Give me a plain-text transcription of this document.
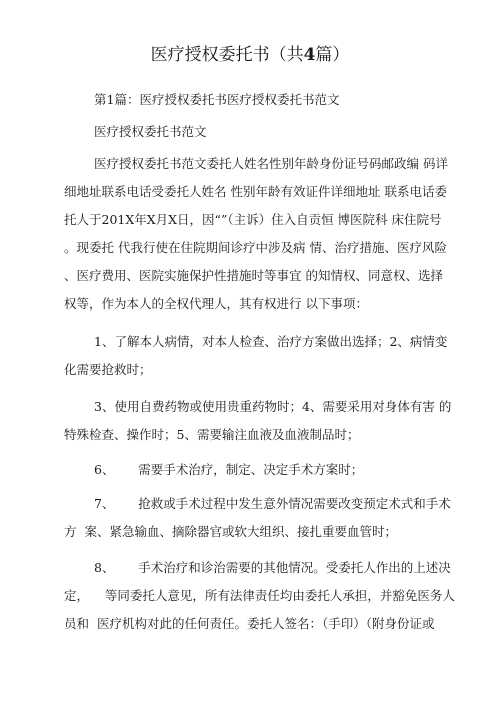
医疗授权委托书（共4篇）

第1篇：医疗授权委托书医疗授权委托书范文

医疗授权委托书范文

医疗授权委托书范文委托人姓名性别年龄身份证号码邮政编 码详

细地址联系电话受委托人姓名 性别年龄有效证件详细地址 联系电话委

托人于201X年X月X日，因“”（主诉）住入自贡恒 博医院科 床住院号

。现委托 代我行使在住院期间诊疗中涉及病 情、治疗措施、医疗风险

、医疗费用、医院实施保护性措施时等事宜 的知情权、同意权、选择

权等，作为本人的全权代理人，其有权进行 以下事项：

1、了解本人病情，对本人检查、治疗方案做出选择；2、病情变

化需要抢救时；

3、使用自费药物或使用贵重药物时；4、需要采用对身体有害 的

特殊检查、操作时；5、需要输注血液及血液制品时；

6、      需要手术治疗，制定、决定手术方案时；

7、      抢救或手术过程中发生意外情况需要改变预定术式和手术

方  案、紧急输血、摘除器官或软大组织、接扎重要血管时；

8、      手术治疗和诊治需要的其他情况。受委托人作出的上述决

定，    等同委托人意见，所有法律责任均由委托人承担，并豁免医务人

员和  医疗机构对此的任何责任。委托人签名：（手印）（附身份证或
